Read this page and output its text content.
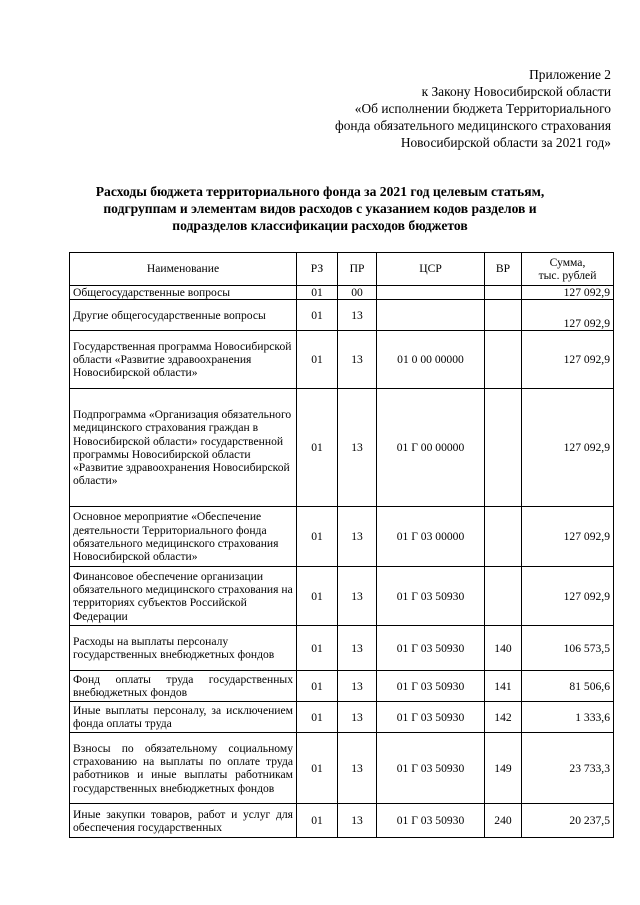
Приложение 2
к Закону Новосибирской области
«Об исполнении бюджета Территориального
фонда обязательного медицинского страхования
Новосибирской области за 2021 год»
Расходы бюджета территориального фонда за 2021 год целевым статьям,
подгруппам и элементам видов расходов с указанием кодов разделов и
подразделов классификации расходов бюджетов
Наименование	РЗ	ПР	ЦСР	ВР	Сумма,
тыс. рублей

Общегосударственные вопросы	01	00			127 092,9
Другие общегосударственные вопросы	01	13			127 092,9
Государственная программа Новосибирской области «Развитие здравоохранения Новосибирской области»	01	13	01 0 00 00000		127 092,9
Подпрограмма «Организация обязательного медицинского страхования граждан в Новосибирской области» государственной программы Новосибирской области «Развитие здравоохранения Новосибирской области»	01	13	01 Г 00 00000		127 092,9
Основное мероприятие «Обеспечение деятельности Территориального фонда обязательного медицинского страхования Новосибирской области»	01	13	01 Г 03 00000		127 092,9
Финансовое обеспечение организации обязательного медицинского страхования на территориях субъектов Российской Федерации	01	13	01 Г 03 50930		127 092,9
Расходы на выплаты персоналу государственных внебюджетных фондов	01	13	01 Г 03 50930	140	106 573,5
Фонд оплаты труда государственных внебюджетных фондов	01	13	01 Г 03 50930	141	81 506,6
Иные выплаты персоналу, за исключением фонда оплаты труда	01	13	01 Г 03 50930	142	1 333,6
Взносы по обязательному социальному страхованию на выплаты по оплате труда работников и иные выплаты работникам государственных внебюджетных фондов	01	13	01 Г 03 50930	149	23 733,3
Иные закупки товаров, работ и услуг для обеспечения государственных	01	13	01 Г 03 50930	240	20 237,5
